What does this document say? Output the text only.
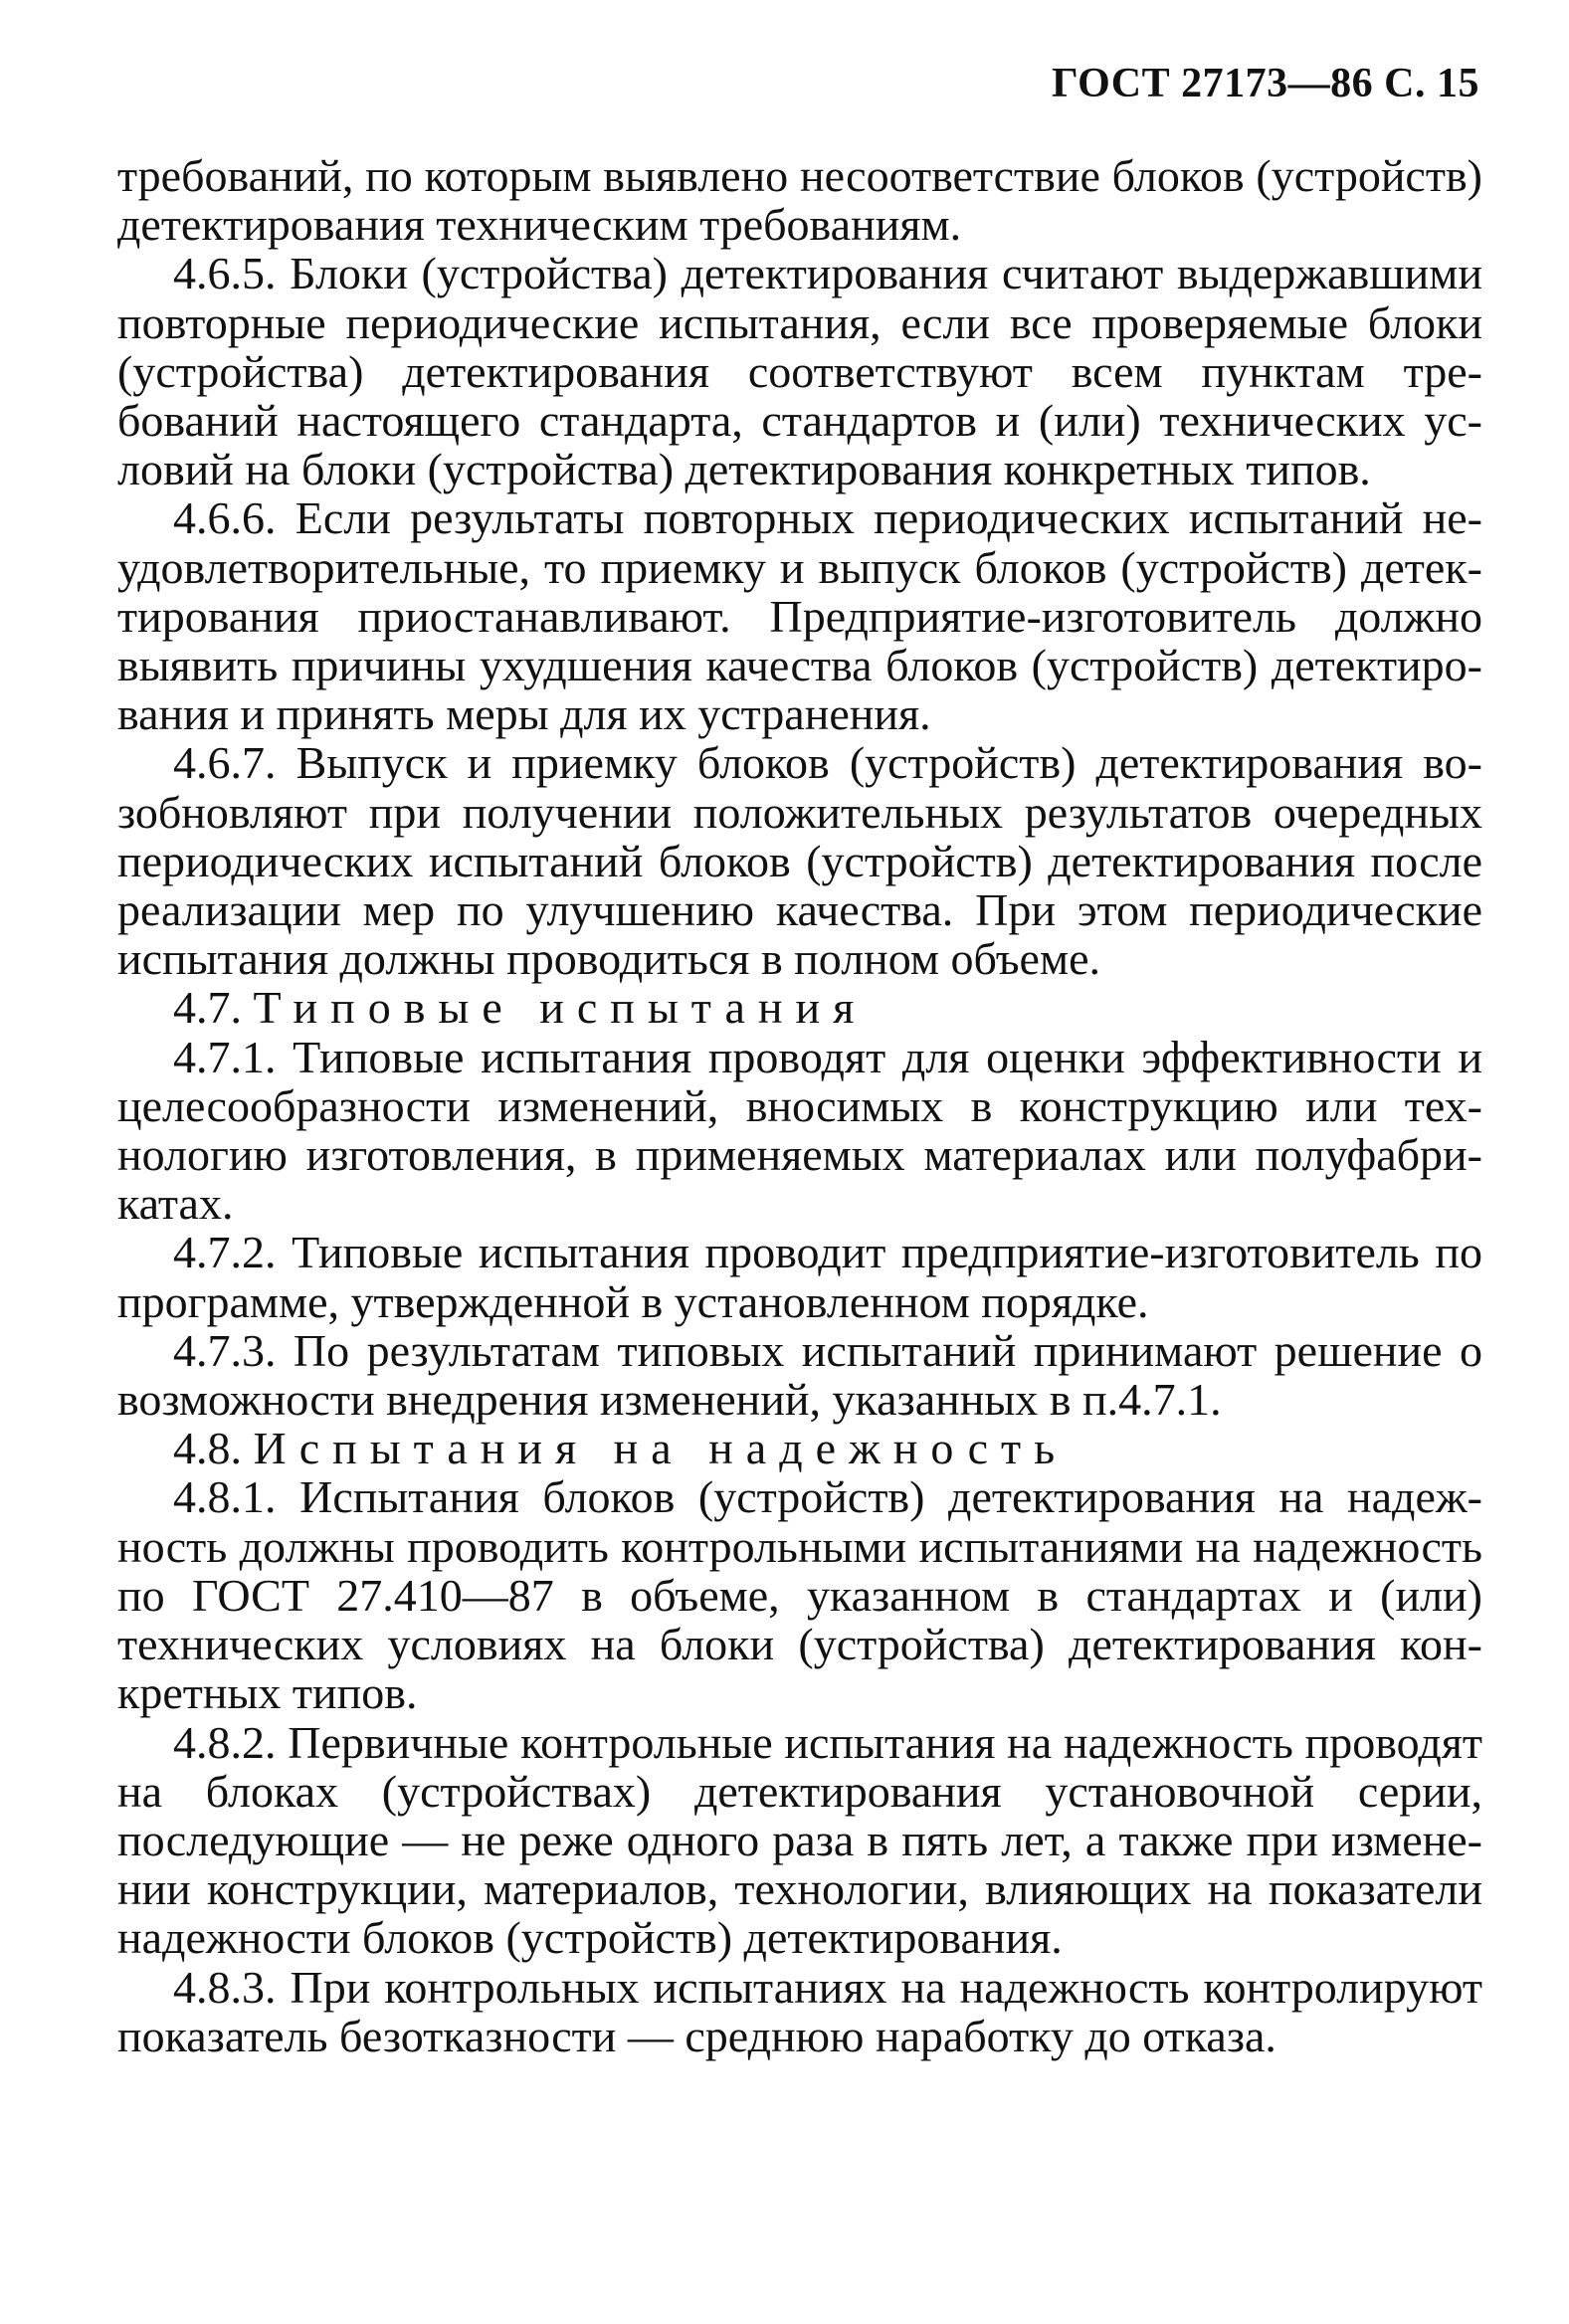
ГОСТ 27173—86 С. 15

требований, по которым выявлено несоответствие блоков (устройств) детектирования техническим требованиям.

4.6.5. Блоки (устройства) детектирования считают выдержавшими повторные периодические испытания, если все проверяемые блоки (устройства) детектирования соответствуют всем пунктам требований настоящего стандарта, стандартов и (или) технических условий на блоки (устройства) детектирования конкретных типов.

4.6.6. Если результаты повторных периодических испытаний неудовлетворительные, то приемку и выпуск блоков (устройств) детектирования приостанавливают. Предприятие-изготовитель должно выявить причины ухудшения качества блоков (устройств) детектирования и принять меры для их устранения.

4.6.7. Выпуск и приемку блоков (устройств) детектирования возобновляют при получении положительных результатов очередных периодических испытаний блоков (устройств) детектирования после реализации мер по улучшению качества. При этом периодические испытания должны проводиться в полном объеме.

4.7. Типовые испытания

4.7.1. Типовые испытания проводят для оценки эффективности и целесообразности изменений, вносимых в конструкцию или технологию изготовления, в применяемых материалах или полуфабрикатах.

4.7.2. Типовые испытания проводит предприятие-изготовитель по программе, утвержденной в установленном порядке.

4.7.3. По результатам типовых испытаний принимают решение о возможности внедрения изменений, указанных в п.4.7.1.

4.8. Испытания на надежность

4.8.1. Испытания блоков (устройств) детектирования на надежность должны проводить контрольными испытаниями на надежность по ГОСТ 27.410—87 в объеме, указанном в стандартах и (или) технических условиях на блоки (устройства) детектирования конкретных типов.

4.8.2. Первичные контрольные испытания на надежность проводят на блоках (устройствах) детектирования установочной серии, последующие — не реже одного раза в пять лет, а также при изменении конструкции, материалов, технологии, влияющих на показатели надежности блоков (устройств) детектирования.

4.8.3. При контрольных испытаниях на надежность контролируют показатель безотказности — среднюю наработку до отказа.
